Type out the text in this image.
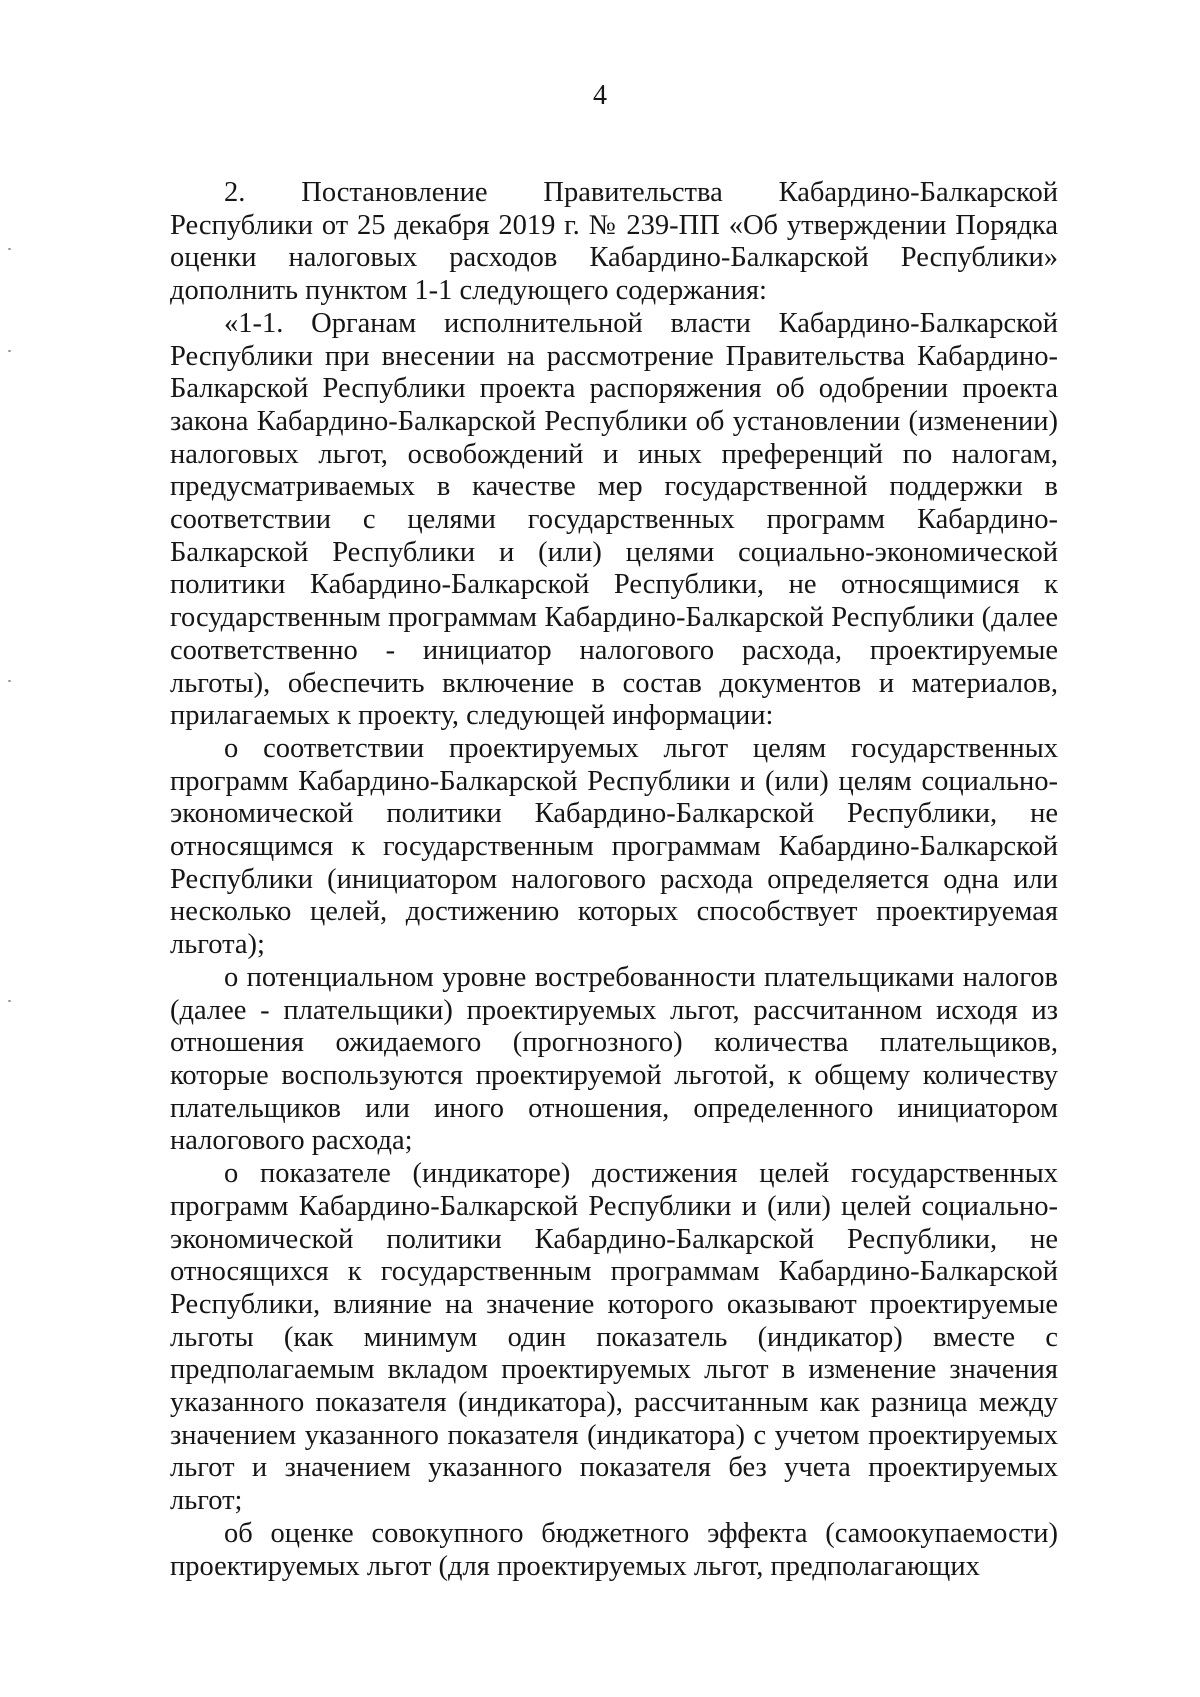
4

2. Постановление Правительства Кабардино-Балкарской Республики от 25 декабря 2019 г. № 239-ПП «Об утверждении Порядка оценки налоговых расходов Кабардино-Балкарской Республики» дополнить пунктом 1-1 следующего содержания:

«1-1. Органам исполнительной власти Кабардино-Балкарской Республики при внесении на рассмотрение Правительства Кабардино-Балкарской Республики проекта распоряжения об одобрении проекта закона Кабардино-Балкарской Республики об установлении (изменении) налоговых льгот, освобождений и иных преференций по налогам, предусматриваемых в качестве мер государственной поддержки в соответствии с целями государственных программ Кабардино-Балкарской Республики и (или) целями социально-экономической политики Кабардино-Балкарской Республики, не относящимися к государственным программам Кабардино-Балкарской Республики (далее соответственно - инициатор налогового расхода, проектируемые льготы), обеспечить включение в состав документов и материалов, прилагаемых к проекту, следующей информации:

о соответствии проектируемых льгот целям государственных программ Кабардино-Балкарской Республики и (или) целям социально-экономической политики Кабардино-Балкарской Республики, не относящимся к государственным программам Кабардино-Балкарской Республики (инициатором налогового расхода определяется одна или несколько целей, достижению которых способствует проектируемая льгота);

о потенциальном уровне востребованности плательщиками налогов (далее - плательщики) проектируемых льгот, рассчитанном исходя из отношения ожидаемого (прогнозного) количества плательщиков, которые воспользуются проектируемой льготой, к общему количеству плательщиков или иного отношения, определенного инициатором налогового расхода;

о показателе (индикаторе) достижения целей государственных программ Кабардино-Балкарской Республики и (или) целей социально-экономической политики Кабардино-Балкарской Республики, не относящихся к государственным программам Кабардино-Балкарской Республики, влияние на значение которого оказывают проектируемые льготы (как минимум один показатель (индикатор) вместе с предполагаемым вкладом проектируемых льгот в изменение значения указанного показателя (индикатора), рассчитанным как разница между значением указанного показателя (индикатора) с учетом проектируемых льгот и значением указанного показателя без учета проектируемых льгот;

об оценке совокупного бюджетного эффекта (самоокупаемости) проектируемых льгот (для проектируемых льгот, предполагающих
